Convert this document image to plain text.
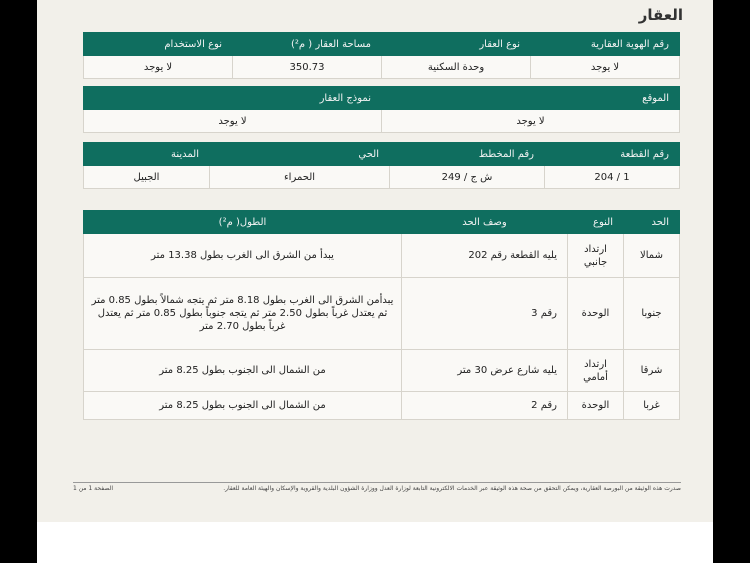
العقار
رقم الهوية العقارية	نوع العقار	مساحة العقار ( م²)	نوع الاستخدام
لا يوجد	وحدة السكنية	350.73	لا يوجد
الموقع	نموذج العقار
لا يوجد	لا يوجد
رقم القطعة	رقم المخطط	الحي	المدينة
1 / 204	ش ج / 249	الحمراء	الجبيل
الحد	النوع	وصف الحد	الطول( م²)
شمالا	ارتداد جانبي	يليه القطعة رقم 202	يبدأ من الشرق الى الغرب بطول 13.38 متر
جنوبا	الوحدة	رقم 3	يبدأمن الشرق الى الغرب بطول 8.18 متر ثم يتجه شمالاً بطول 0.85 متر ثم يعتدل غرباً بطول 2.50 متر ثم يتجه جنوباً بطول 0.85 متر ثم يعتدل غرباً بطول 2.70 متر
شرقا	ارتداد أمامي	يليه شارع عرض 30 متر	من الشمال الى الجنوب بطول 8.25 متر
غربا	الوحدة	رقم 2	من الشمال الى الجنوب بطول 8.25 متر
صدرت هذه الوثيقة من البورصة العقارية، ويمكن التحقق من صحة هذه الوثيقة عبر الخدمات الالكترونية التابعة لوزارة العدل ووزارة الشؤون البلدية والقروية والإسكان والهيئة العامة للعقار.
الصفحة 1 من 1
